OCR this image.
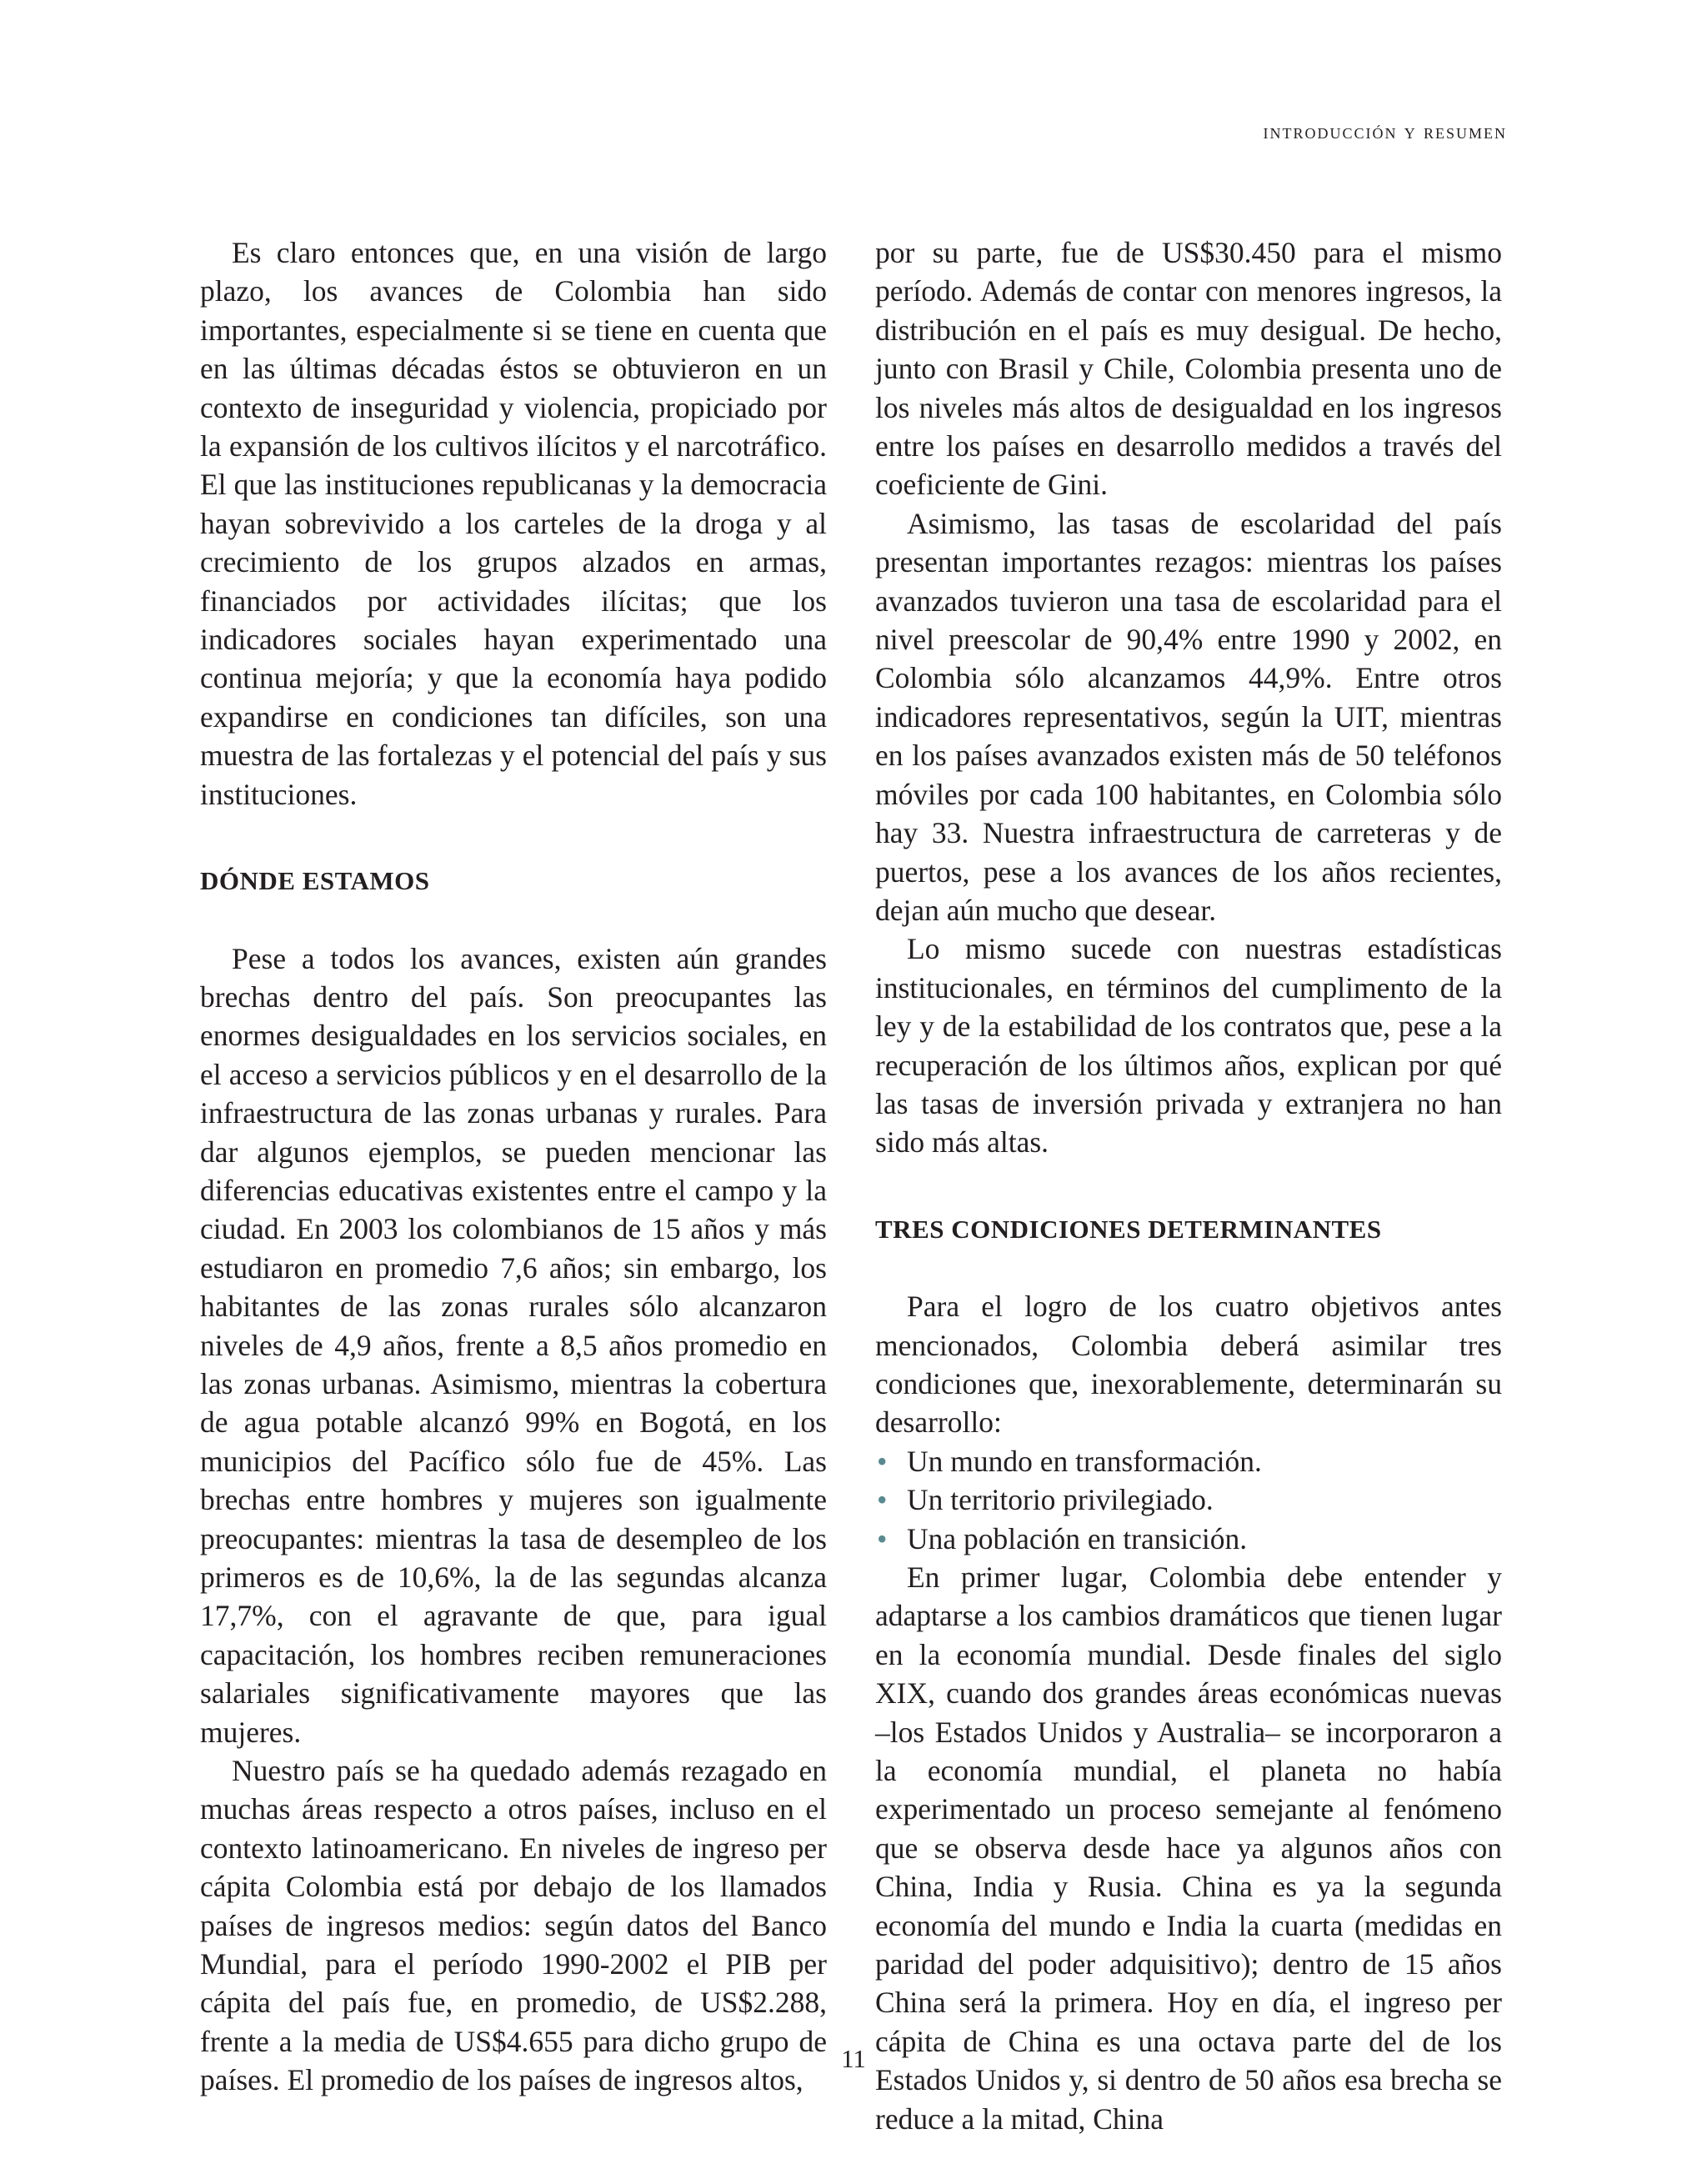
introducción y resumen

Es claro entonces que, en una visión de largo plazo, los avances de Colombia han sido importantes, especialmente si se tiene en cuenta que en las últimas décadas éstos se obtuvieron en un contexto de inseguridad y violencia, propiciado por la expansión de los cultivos ilícitos y el narcotráfico. El que las instituciones republicanas y la democracia hayan sobrevivido a los carteles de la droga y al crecimiento de los grupos alzados en armas, financiados por actividades ilícitas; que los indicadores sociales hayan experimentado una continua mejoría; y que la economía haya podido expandirse en condiciones tan difíciles, son una muestra de las fortalezas y el potencial del país y sus instituciones.

DÓNDE ESTAMOS

Pese a todos los avances, existen aún grandes brechas dentro del país. Son preocupantes las enormes desigualdades en los servicios sociales, en el acceso a servicios públicos y en el desarrollo de la infraestructura de las zonas urbanas y rurales. Para dar algunos ejemplos, se pueden mencionar las diferencias educativas existentes entre el campo y la ciudad. En 2003 los colombianos de 15 años y más estudiaron en promedio 7,6 años; sin embargo, los habitantes de las zonas rurales sólo alcanzaron niveles de 4,9 años, frente a 8,5 años promedio en las zonas urbanas. Asimismo, mientras la cobertura de agua potable alcanzó 99% en Bogotá, en los municipios del Pacífico sólo fue de 45%. Las brechas entre hombres y mujeres son igualmente preocupantes: mientras la tasa de desempleo de los primeros es de 10,6%, la de las segundas alcanza 17,7%, con el agravante de que, para igual capacitación, los hombres reciben remuneraciones salariales significativamente mayores que las mujeres.

Nuestro país se ha quedado además rezagado en muchas áreas respecto a otros países, incluso en el contexto latinoamericano. En niveles de ingreso per cápita Colombia está por debajo de los llamados países de ingresos medios: según datos del Banco Mundial, para el período 1990-2002 el PIB per cápita del país fue, en promedio, de US$2.288, frente a la media de US$4.655 para dicho grupo de países. El promedio de los países de ingresos altos,

por su parte, fue de US$30.450 para el mismo período. Además de contar con menores ingresos, la distribución en el país es muy desigual. De hecho, junto con Brasil y Chile, Colombia presenta uno de los niveles más altos de desigualdad en los ingresos entre los países en desarrollo medidos a través del coeficiente de Gini.

Asimismo, las tasas de escolaridad del país presentan importantes rezagos: mientras los países avanzados tuvieron una tasa de escolaridad para el nivel preescolar de 90,4% entre 1990 y 2002, en Colombia sólo alcanzamos 44,9%. Entre otros indicadores representativos, según la UIT, mientras en los países avanzados existen más de 50 teléfonos móviles por cada 100 habitantes, en Colombia sólo hay 33. Nuestra infraestructura de carreteras y de puertos, pese a los avances de los años recientes, dejan aún mucho que desear.

Lo mismo sucede con nuestras estadísticas institucionales, en términos del cumplimento de la ley y de la estabilidad de los contratos que, pese a la recuperación de los últimos años, explican por qué las tasas de inversión privada y extranjera no han sido más altas.

TRES CONDICIONES DETERMINANTES

Para el logro de los cuatro objetivos antes mencionados, Colombia deberá asimilar tres condiciones que, inexorablemente, determinarán su desarrollo:

• Un mundo en transformación.
• Un territorio privilegiado.
• Una población en transición.

En primer lugar, Colombia debe entender y adaptarse a los cambios dramáticos que tienen lugar en la economía mundial. Desde finales del siglo XIX, cuando dos grandes áreas económicas nuevas –los Estados Unidos y Australia– se incorporaron a la economía mundial, el planeta no había experimentado un proceso semejante al fenómeno que se observa desde hace ya algunos años con China, India y Rusia. China es ya la segunda economía del mundo e India la cuarta (medidas en paridad del poder adquisitivo); dentro de 15 años China será la primera. Hoy en día, el ingreso per cápita de China es una octava parte del de los Estados Unidos y, si dentro de 50 años esa brecha se reduce a la mitad, China

11
